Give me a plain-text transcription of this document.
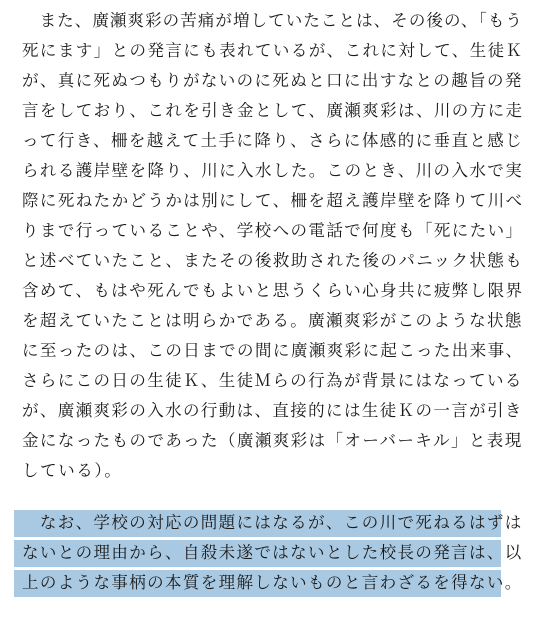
　また、廣瀬爽彩の苦痛が増していたことは、その後の、「もう
死にます」との発言にも表れているが、これに対して、生徒Ｋ
が、真に死ぬつもりがないのに死ぬと口に出すなとの趣旨の発
言をしており、これを引き金として、廣瀬爽彩は、川の方に走
って行き、柵を越えて土手に降り、さらに体感的に垂直と感じ
られる護岸壁を降り、川に入水した。このとき、川の入水で実
際に死ねたかどうかは別にして、柵を超え護岸壁を降りて川べ
りまで行っていることや、学校への電話で何度も「死にたい」
と述べていたこと、またその後救助された後のパニック状態も
含めて、もはや死んでもよいと思うくらい心身共に疲弊し限界
を超えていたことは明らかである。廣瀬爽彩がこのような状態
に至ったのは、この日までの間に廣瀬爽彩に起こった出来事、
さらにこの日の生徒Ｋ、生徒Ｍらの行為が背景にはなっている
が、廣瀬爽彩の入水の行動は、直接的には生徒Ｋの一言が引き
金になったものであった（廣瀬爽彩は「オーバーキル」と表現
している）。
　なお、学校の対応の問題にはなるが、この川で死ねるはずは
ないとの理由から、自殺未遂ではないとした校長の発言は、以
上のような事柄の本質を理解しないものと言わざるを得ない。
